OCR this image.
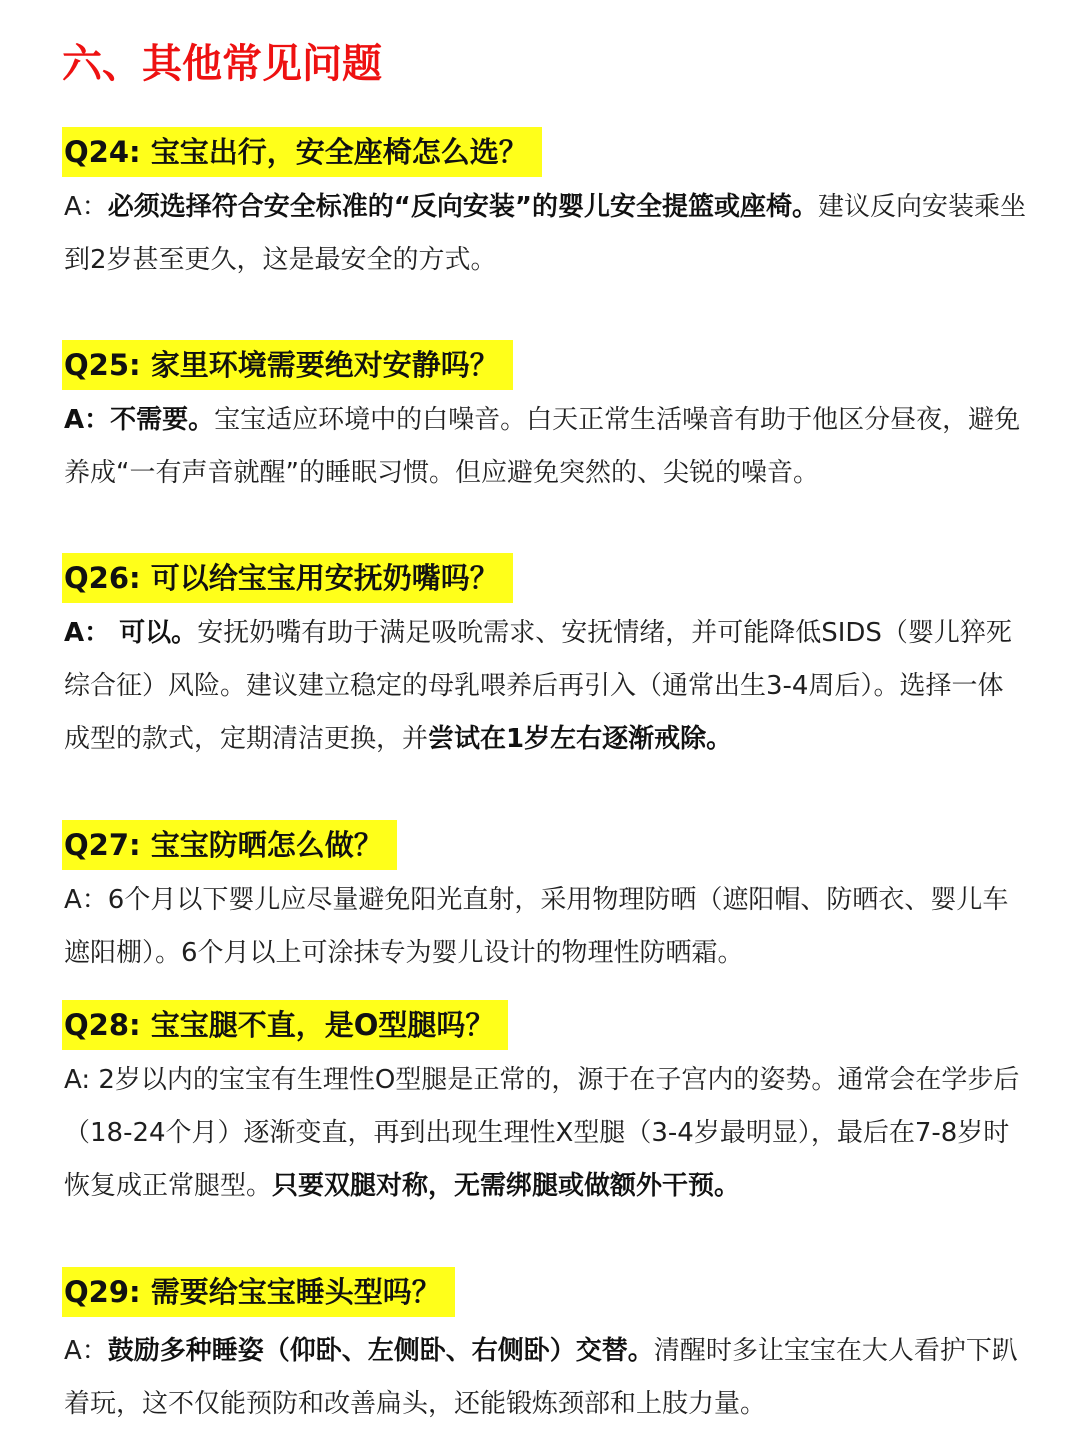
六、其他常见问题
Q24: 宝宝出行，安全座椅怎么选？

A：必须选择符合安全标准的“反向安装”的婴儿安全提篮或座椅。建议反向安装乘坐到2岁甚至更久，这是最安全的方式。

Q25: 家里环境需要绝对安静吗？

A：不需要。宝宝适应环境中的白噪音。白天正常生活噪音有助于他区分昼夜，避免养成“一有声音就醒”的睡眠习惯。但应避免突然的、尖锐的噪音。

Q26: 可以给宝宝用安抚奶嘴吗？

A： 可以。安抚奶嘴有助于满足吸吮需求、安抚情绪，并可能降低SIDS（婴儿猝死综合征）风险。建议建立稳定的母乳喂养后再引入（通常出生3-4周后）。选择一体成型的款式，定期清洁更换，并尝试在1岁左右逐渐戒除。

Q27: 宝宝防晒怎么做？

A：6个月以下婴儿应尽量避免阳光直射，采用物理防晒（遮阳帽、防晒衣、婴儿车遮阳棚）。6个月以上可涂抹专为婴儿设计的物理性防晒霜。

Q28: 宝宝腿不直，是O型腿吗？

A: 2岁以内的宝宝有生理性O型腿是正常的，源于在子宫内的姿势。通常会在学步后（18-24个月）逐渐变直，再到出现生理性X型腿（3-4岁最明显），最后在7-8岁时恢复成正常腿型。只要双腿对称，无需绑腿或做额外干预。

Q29: 需要给宝宝睡头型吗？

A：鼓励多种睡姿（仰卧、左侧卧、右侧卧）交替。清醒时多让宝宝在大人看护下趴着玩，这不仅能预防和改善扁头，还能锻炼颈部和上肢力量。
